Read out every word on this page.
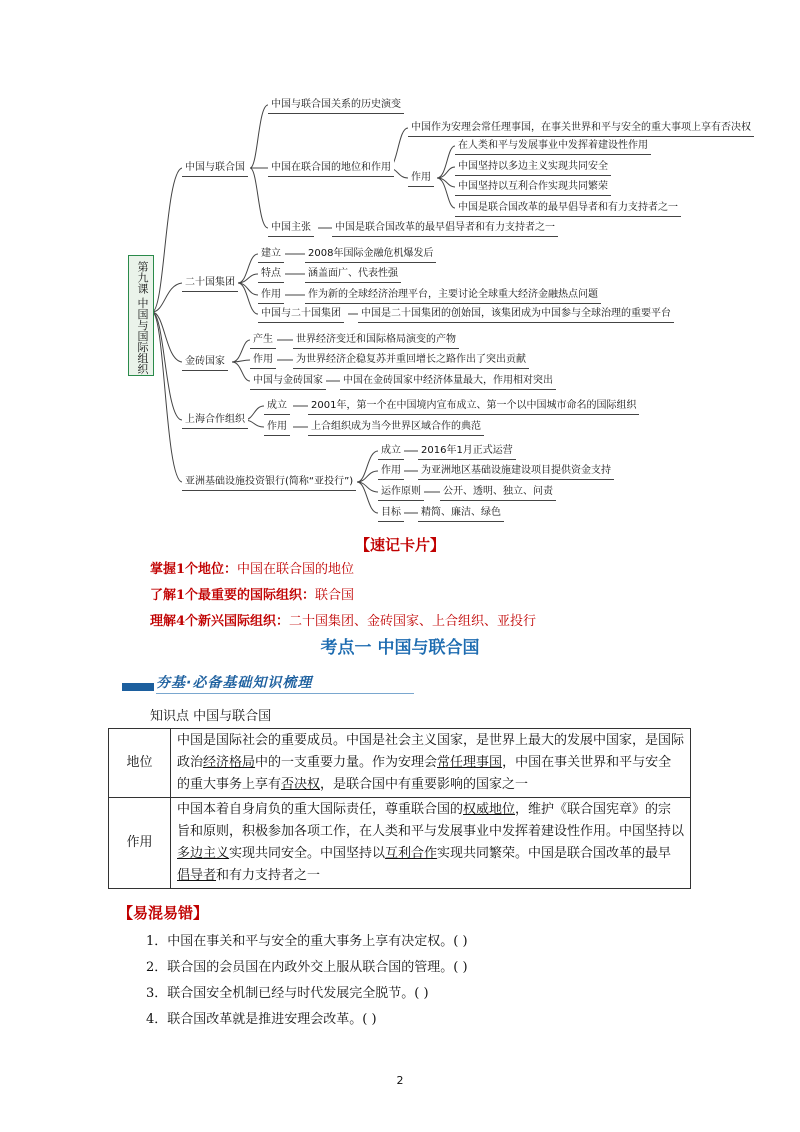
第九课 中国与国际组织
中国与联合国
中国与联合国关系的历史演变
中国在联合国的地位和作用
中国作为安理会常任理事国，在事关世界和平与安全的重大事项上享有否决权
作用
在人类和平与发展事业中发挥着建设性作用
中国坚持以多边主义实现共同安全
中国坚持以互利合作实现共同繁荣
中国是联合国改革的最早倡导者和有力支持者之一
中国主张	中国是联合国改革的最早倡导者和有力支持者之一
二十国集团
建立	2008年国际金融危机爆发后
特点	涵盖面广、代表性强
作用	作为新的全球经济治理平台，主要讨论全球重大经济金融热点问题
中国与二十国集团	中国是二十国集团的创始国，该集团成为中国参与全球治理的重要平台
金砖国家
产生	世界经济变迁和国际格局演变的产物
作用	为世界经济企稳复苏并重回增长之路作出了突出贡献
中国与金砖国家	中国在金砖国家中经济体量最大，作用相对突出
上海合作组织
成立	2001年，第一个在中国境内宣布成立、第一个以中国城市命名的国际组织
作用	上合组织成为当今世界区域合作的典范
亚洲基础设施投资银行(简称“亚投行”)
成立	2016年1月正式运营
作用	为亚洲地区基础设施建设项目提供资金支持
运作原则	公开、透明、独立、问责
目标	精简、廉洁、绿色
【速记卡片】
掌握1个地位：中国在联合国的地位
了解1个最重要的国际组织：联合国
理解4个新兴国际组织：二十国集团、金砖国家、上合组织、亚投行
考点一 中国与联合国
夯基·必备基础知识梳理
知识点 中国与联合国
地位	中国是国际社会的重要成员。中国是社会主义国家，是世界上最大的发展中国家，是国际政治经济格局中的一支重要力量。作为安理会常任理事国，中国在事关世界和平与安全的重大事务上享有否决权，是联合国中有重要影响的国家之一
作用	中国本着自身肩负的重大国际责任，尊重联合国的权威地位，维护《联合国宪章》的宗旨和原则，积极参加各项工作，在人类和平与发展事业中发挥着建设性作用。中国坚持以多边主义实现共同安全。中国坚持以互利合作实现共同繁荣。中国是联合国改革的最早倡导者和有力支持者之一
【易混易错】
1．中国在事关和平与安全的重大事务上享有决定权。( )
2．联合国的会员国在内政外交上服从联合国的管理。( )
3．联合国安全机制已经与时代发展完全脱节。( )
4．联合国改革就是推进安理会改革。( )
2
